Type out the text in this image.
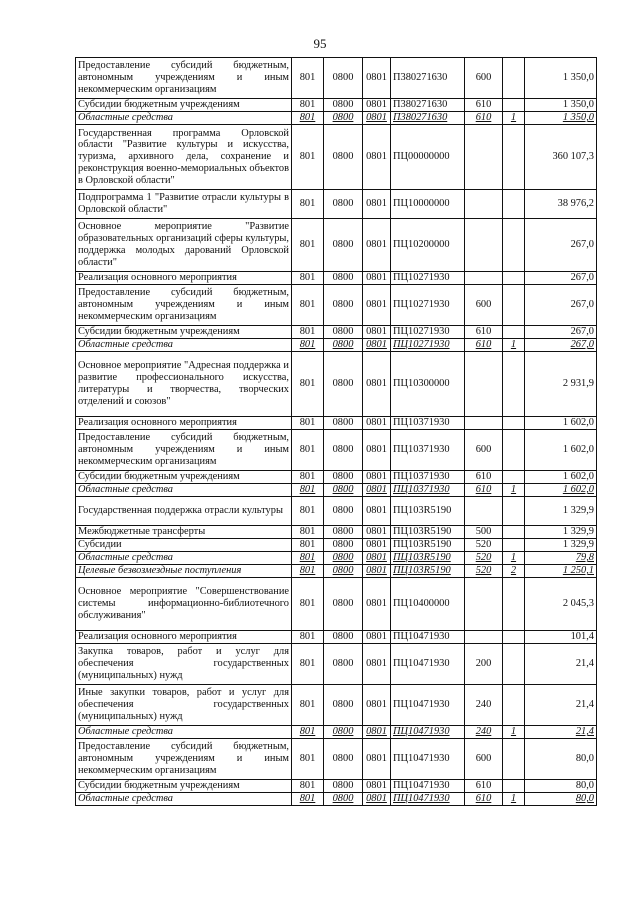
95
Предоставление субсидий бюджетным, автономным учреждениям и иным некоммерческим организациям	801	0800	0801	П380271630	600		1 350,0
Субсидии бюджетным учреждениям	801	0800	0801	П380271630	610		1 350,0
Областные средства	801	0800	0801	П380271630	610	1	1 350,0
Государственная программа Орловской области "Развитие культуры и искусства, туризма, архивного дела, сохранение и реконструкция военно-мемориальных объектов в Орловской области"	801	0800	0801	ПЦ00000000			360 107,3
Подпрограмма 1 "Развитие отрасли культуры в Орловской области"	801	0800	0801	ПЦ10000000			38 976,2
Основное мероприятие "Развитие образовательных организаций сферы культуры, поддержка молодых дарований Орловской области"	801	0800	0801	ПЦ10200000			267,0
Реализация основного мероприятия	801	0800	0801	ПЦ10271930			267,0
Предоставление субсидий бюджетным, автономным учреждениям и иным некоммерческим организациям	801	0800	0801	ПЦ10271930	600		267,0
Субсидии бюджетным учреждениям	801	0800	0801	ПЦ10271930	610		267,0
Областные средства	801	0800	0801	ПЦ10271930	610	1	267,0
Основное мероприятие "Адресная поддержка и развитие профессионального искусства, литературы и творчества, творческих отделений и союзов"	801	0800	0801	ПЦ10300000			2 931,9
Реализация основного мероприятия	801	0800	0801	ПЦ10371930			1 602,0
Предоставление субсидий бюджетным, автономным учреждениям и иным некоммерческим организациям	801	0800	0801	ПЦ10371930	600		1 602,0
Субсидии бюджетным учреждениям	801	0800	0801	ПЦ10371930	610		1 602,0
Областные средства	801	0800	0801	ПЦ10371930	610	1	1 602,0
Государственная поддержка отрасли культуры	801	0800	0801	ПЦ103R5190			1 329,9
Межбюджетные трансферты	801	0800	0801	ПЦ103R5190	500		1 329,9
Субсидии	801	0800	0801	ПЦ103R5190	520		1 329,9
Областные средства	801	0800	0801	ПЦ103R5190	520	1	79,8
Целевые безвозмездные поступления	801	0800	0801	ПЦ103R5190	520	2	1 250,1
Основное мероприятие "Совершенствование системы информационно-библиотечного обслуживания"	801	0800	0801	ПЦ10400000			2 045,3
Реализация основного мероприятия	801	0800	0801	ПЦ10471930			101,4
Закупка товаров, работ и услуг для обеспечения государственных (муниципальных) нужд	801	0800	0801	ПЦ10471930	200		21,4
Иные закупки товаров, работ и услуг для обеспечения государственных (муниципальных) нужд	801	0800	0801	ПЦ10471930	240		21,4
Областные средства	801	0800	0801	ПЦ10471930	240	1	21,4
Предоставление субсидий бюджетным, автономным учреждениям и иным некоммерческим организациям	801	0800	0801	ПЦ10471930	600		80,0
Субсидии бюджетным учреждениям	801	0800	0801	ПЦ10471930	610		80,0
Областные средства	801	0800	0801	ПЦ10471930	610	1	80,0
